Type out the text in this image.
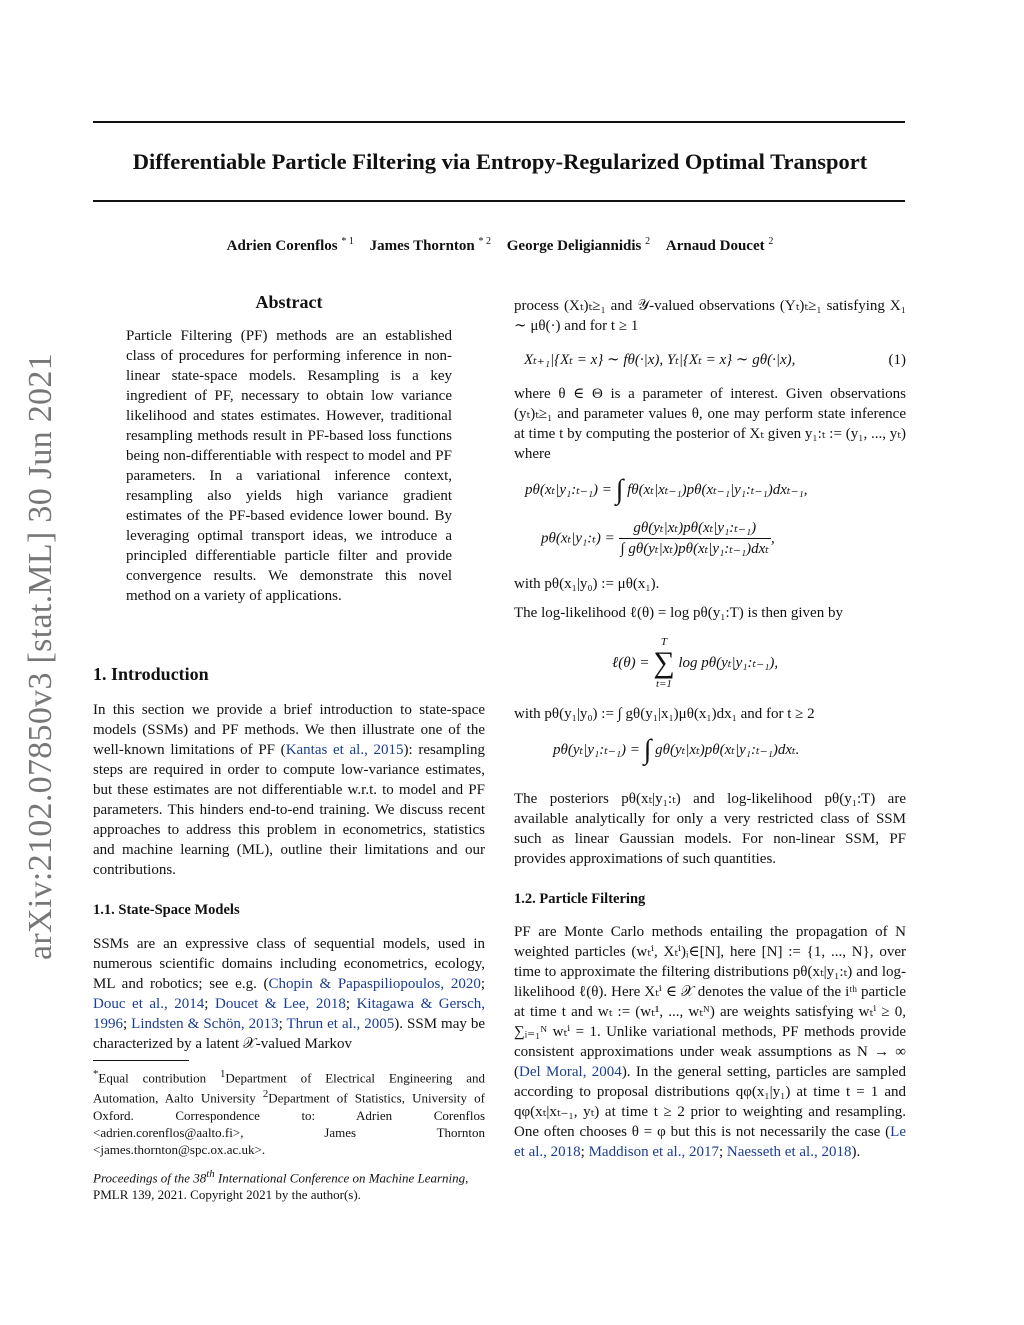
Differentiable Particle Filtering via Entropy-Regularized Optimal Transport
Adrien Corenflos $^{* 1}$ James Thornton $^{* 2}$ George Deligiannidis $^2$ Arnaud Doucet $^2$
arXiv:2102.07850v3 [stat.ML] 30 Jun 2021
Abstract
Particle Filtering (PF) methods are an established class of procedures for performing inference in non-linear state-space models. Resampling is a key ingredient of PF, necessary to obtain low variance likelihood and states estimates. However, traditional resampling methods result in PF-based loss functions being non-differentiable with respect to model and PF parameters. In a variational inference context, resampling also yields high variance gradient estimates of the PF-based evidence lower bound. By leveraging optimal transport ideas, we introduce a principled differentiable particle filter and provide convergence results. We demonstrate this novel method on a variety of applications.
1. Introduction

In this section we provide a brief introduction to state-space models (SSMs) and PF methods. We then illustrate one of the well-known limitations of PF (Kantas et al., 2015): resampling steps are required in order to compute low-variance estimates, but these estimates are not differentiable w.r.t. to model and PF parameters. This hinders end-to-end training. We discuss recent approaches to address this problem in econometrics, statistics and machine learning (ML), outline their limitations and our contributions.

1.1. State-Space Models

SSMs are an expressive class of sequential models, used in numerous scientific domains including econometrics, ecology, ML and robotics; see e.g. (Chopin & Papaspiliopoulos, 2020; Douc et al., 2014; Doucet & Lee, 2018; Kitagawa & Gersch, 1996; Lindsten & Schön, 2013; Thrun et al., 2005). SSM may be characterized by a latent 𝒳-valued Markov

*Equal contribution $^1$Department of Electrical Engineering and Automation, Aalto University $^2$Department of Statistics, University of Oxford. Correspondence to: Adrien Corenflos <adrien.corenflos@aalto.fi>, James Thornton <james.thornton@spc.ox.ac.uk>.
Proceedings of the 38th International Conference on Machine Learning, PMLR 139, 2021. Copyright 2021 by the author(s).

process (Xₜ)ₜ≥₁ and 𝒴-valued observations (Yₜ)ₜ≥₁ satisfying X₁ ∼ μθ(·) and for t ≥ 1

Xₜ₊₁|{Xₜ = x} ∼ fθ(·|x), Yₜ|{Xₜ = x} ∼ gθ(·|x),	(1)

where θ ∈ Θ is a parameter of interest. Given observations (yₜ)ₜ≥₁ and parameter values θ, one may perform state inference at time t by computing the posterior of Xₜ given y₁:ₜ := (y₁, ..., yₜ) where

pθ(xₜ|y₁:ₜ₋₁) = ∫ fθ(xₜ|xₜ₋₁)pθ(xₜ₋₁|y₁:ₜ₋₁)dxₜ₋₁,
pθ(xₜ|y₁:ₜ) = $\frac{\text{gθ(yₜ|xₜ)pθ(xₜ|y₁:ₜ₋₁)}}{\text{∫ gθ(yₜ|xₜ)pθ(xₜ|y₁:ₜ₋₁)dxₜ}}$ ,

with pθ(x₁|y₀) := μθ(x₁).

The log-likelihood ℓ(θ) = log pθ(y₁:T) is then given by

ℓ(θ) =
T
∑
t=1
log pθ(yₜ|y₁:ₜ₋₁),

with pθ(y₁|y₀) := ∫ gθ(y₁|x₁)μθ(x₁)dx₁ and for t ≥ 2

pθ(yₜ|y₁:ₜ₋₁) = ∫ gθ(yₜ|xₜ)pθ(xₜ|y₁:ₜ₋₁)dxₜ.

The posteriors pθ(xₜ|y₁:ₜ) and log-likelihood pθ(y₁:T) are available analytically for only a very restricted class of SSM such as linear Gaussian models. For non-linear SSM, PF provides approximations of such quantities.

1.2. Particle Filtering

PF are Monte Carlo methods entailing the propagation of N weighted particles (wₜⁱ, Xₜⁱ)ᵢ∈[N], here [N] := {1, ..., N}, over time to approximate the filtering distributions pθ(xₜ|y₁:ₜ) and log-likelihood ℓ(θ). Here Xₜⁱ ∈ 𝒳 denotes the value of the iᵗʰ particle at time t and wₜ := (wₜ¹, ..., wₜᴺ) are weights satisfying wₜⁱ ≥ 0, ∑ᵢ₌₁ᴺ wₜⁱ = 1. Unlike variational methods, PF methods provide consistent approximations under weak assumptions as N → ∞ (Del Moral, 2004). In the general setting, particles are sampled according to proposal distributions qφ(x₁|y₁) at time t = 1 and qφ(xₜ|xₜ₋₁, yₜ) at time t ≥ 2 prior to weighting and resampling. One often chooses θ = φ but this is not necessarily the case (Le et al., 2018; Maddison et al., 2017; Naesseth et al., 2018).
